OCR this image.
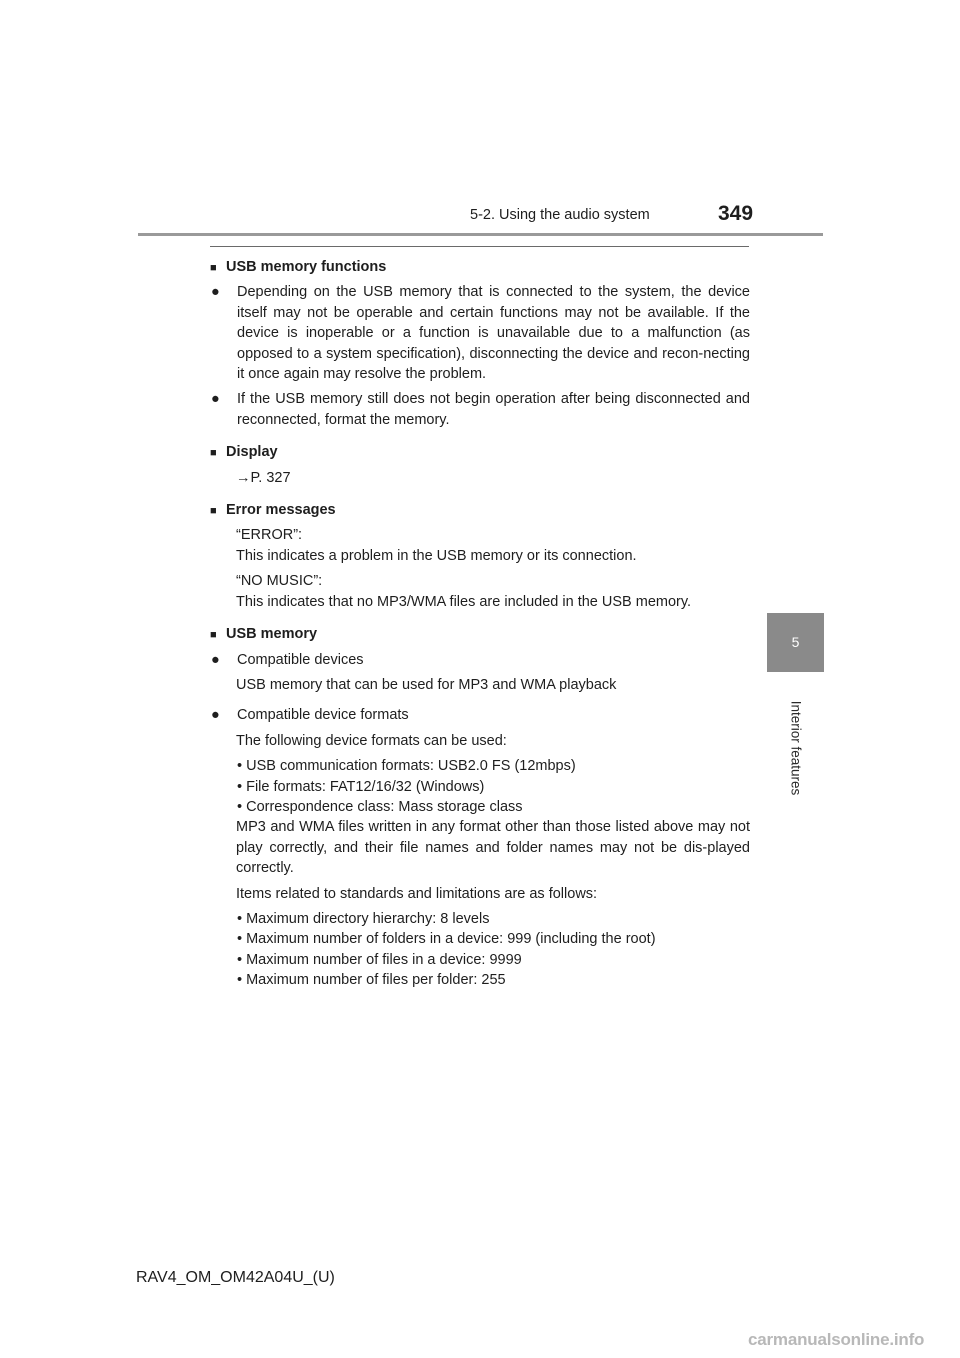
5-2. Using the audio system	349
5
Interior features
■ USB memory functions
●	Depending on the USB memory that is connected to the system, the device itself may not be operable and certain functions may not be available. If the device is inoperable or a function is unavailable due to a malfunction (as opposed to a system specification), disconnecting the device and recon-necting it once again may resolve the problem.
●	If the USB memory still does not begin operation after being disconnected and reconnected, format the memory.
■ Display
→P. 327
■ Error messages
“ERROR”:
This indicates a problem in the USB memory or its connection.
“NO MUSIC”:
This indicates that no MP3/WMA files are included in the USB memory.
■ USB memory
●	Compatible devices
USB memory that can be used for MP3 and WMA playback
●	Compatible device formats
The following device formats can be used:
• USB communication formats: USB2.0 FS (12mbps)
• File formats: FAT12/16/32 (Windows)
• Correspondence class: Mass storage class
MP3 and WMA files written in any format other than those listed above may not play correctly, and their file names and folder names may not be dis-played correctly.
Items related to standards and limitations are as follows:
• Maximum directory hierarchy: 8 levels
• Maximum number of folders in a device: 999 (including the root)
• Maximum number of files in a device: 9999
• Maximum number of files per folder: 255
RAV4_OM_OM42A04U_(U)
carmanualsonline.info
